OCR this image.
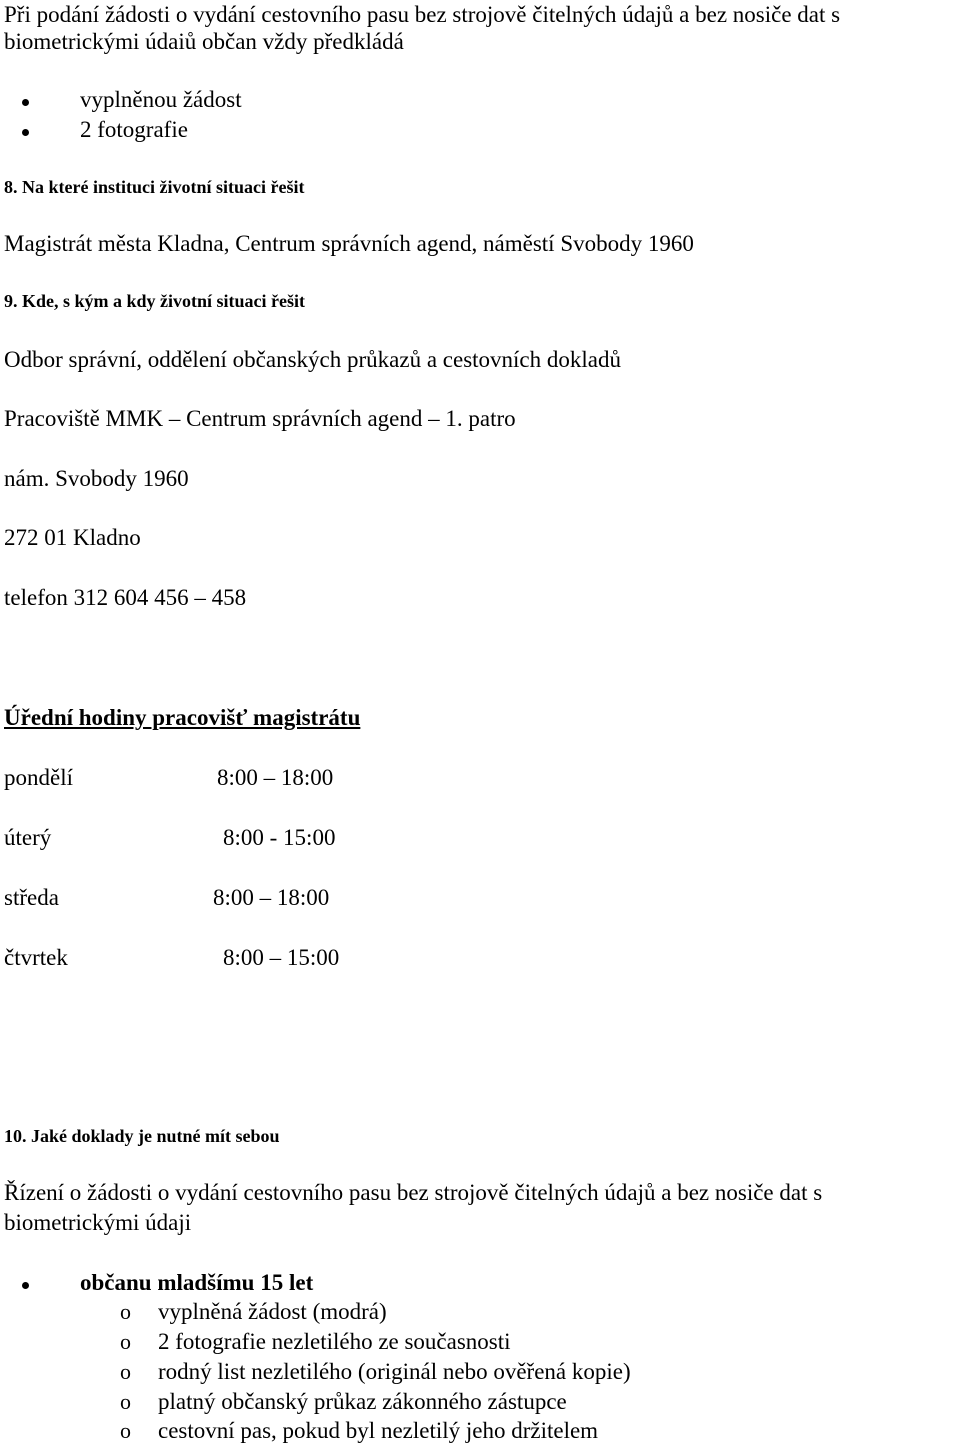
Při podání žádosti o vydání cestovního pasu bez strojově čitelných údajů a bez nosiče dat s
biometrickými údaiů občan vždy předkládá
vyplněnou žádost
2 fotografie
8. Na které instituci životní situaci řešit
Magistrát města Kladna, Centrum správních agend, náměstí Svobody 1960
9. Kde, s kým a kdy životní situaci řešit
Odbor správní, oddělení občanských průkazů a cestovních dokladů
Pracoviště MMK – Centrum správních agend – 1. patro
nám. Svobody 1960
272 01 Kladno
telefon 312 604 456 – 458
Úřední hodiny pracovišť magistrátu
pondělí	8:00 – 18:00
úterý	8:00 - 15:00
středa	8:00 – 18:00
čtvrtek	8:00 – 15:00
10. Jaké doklady je nutné mít sebou
Řízení o žádosti o vydání cestovního pasu bez strojově čitelných údajů a bez nosiče dat s
biometrickými údaji
občanu mladšímu 15 let
o vyplněná žádost (modrá)
o 2 fotografie nezletilého ze současnosti
o rodný list nezletilého (originál nebo ověřená kopie)
o platný občanský průkaz zákonného zástupce
o cestovní pas, pokud byl nezletilý jeho držitelem
